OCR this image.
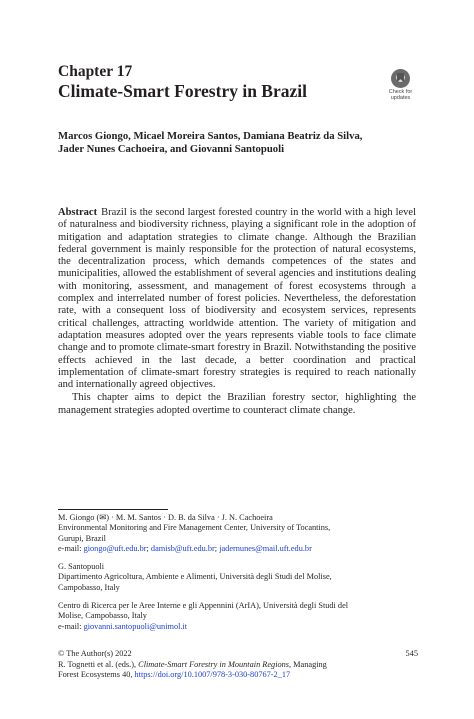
Chapter 17
Climate-Smart Forestry in Brazil	Check for
updates
Marcos Giongo, Micael Moreira Santos, Damiana Beatriz da Silva,
Jader Nunes Cachoeira, and Giovanni Santopuoli

Abstract Brazil is the second largest forested country in the world with a high level of naturalness and biodiversity richness, playing a significant role in the adoption of mitigation and adaptation strategies to climate change. Although the Brazilian federal government is mainly responsible for the protection of natural ecosystems, the decentralization process, which demands competences of the states and municipalities, allowed the establishment of several agencies and institutions dealing with monitoring, assessment, and management of forest ecosystems through a complex and interrelated number of forest policies. Nevertheless, the deforestation rate, with a consequent loss of biodiversity and ecosystem services, represents critical challenges, attracting worldwide attention. The variety of mitigation and adaptation measures adopted over the years represents viable tools to face climate change and to promote climate-smart forestry in Brazil. Notwithstanding the positive effects achieved in the last decade, a better coordination and practical implementation of climate-smart forestry strategies is required to reach nationally and internationally agreed objectives.

This chapter aims to depict the Brazilian forestry sector, highlighting the management strategies adopted overtime to counteract climate change.

M. Giongo (✉) · M. M. Santos · D. B. da Silva · J. N. Cachoeira

Environmental Monitoring and Fire Management Center, University of Tocantins,

Gurupi, Brazil

e-mail: giongo@uft.edu.br; damisb@uft.edu.br; jadernunes@mail.uft.edu.br

G. Santopuoli

Dipartimento Agricoltura, Ambiente e Alimenti, Università degli Studi del Molise,

Campobasso, Italy

Centro di Ricerca per le Aree Interne e gli Appennini (ArIA), Università degli Studi del

Molise, Campobasso, Italy

e-mail: giovanni.santopuoli@unimol.it

545

© The Author(s) 2022

R. Tognetti et al. (eds.), Climate-Smart Forestry in Mountain Regions, Managing

Forest Ecosystems 40, https://doi.org/10.1007/978-3-030-80767-2_17
